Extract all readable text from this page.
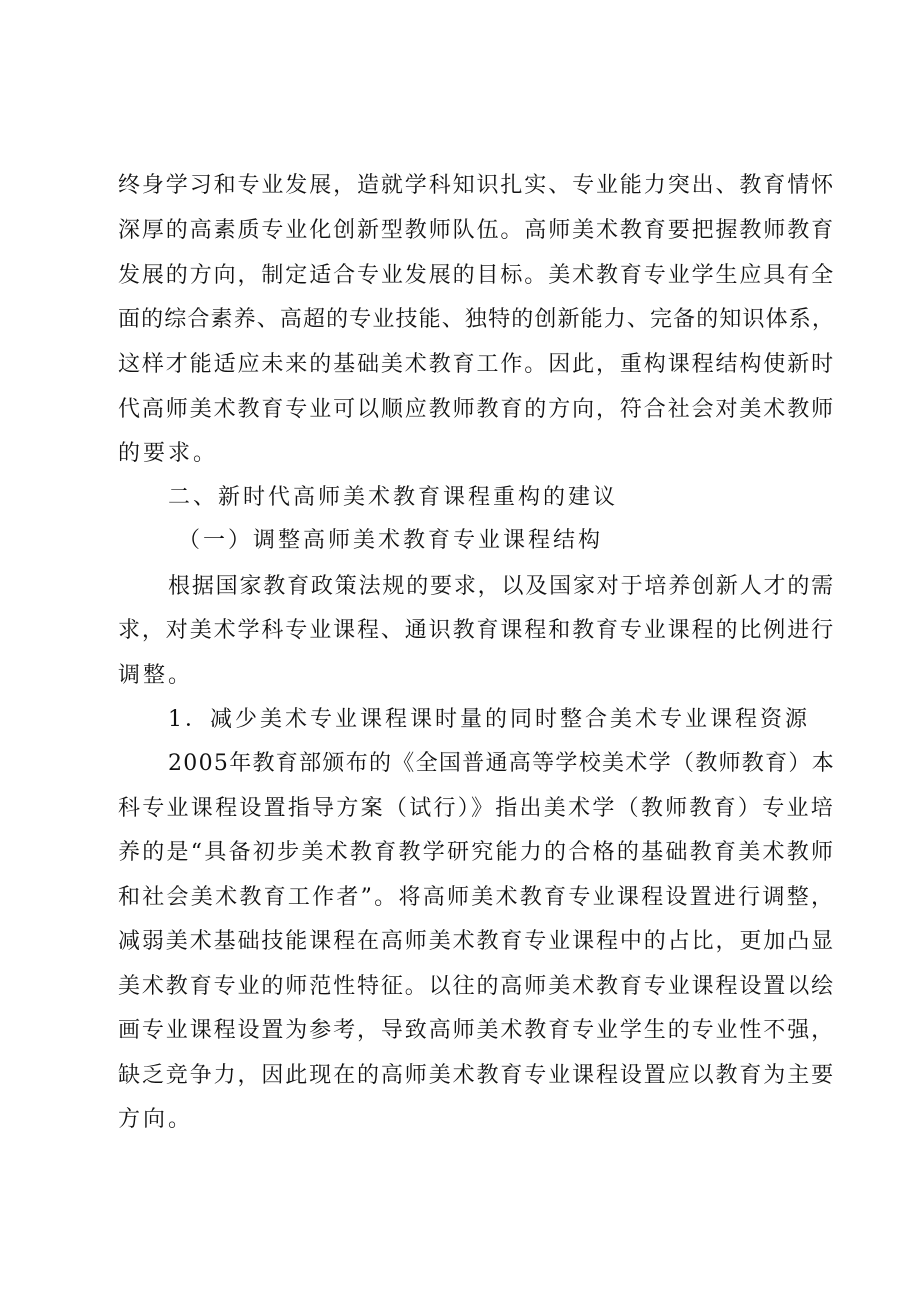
终身学习和专业发展，造就学科知识扎实、专业能力突出、教育情怀
深厚的高素质专业化创新型教师队伍。高师美术教育要把握教师教育
发展的方向，制定适合专业发展的目标。美术教育专业学生应具有全
面的综合素养、高超的专业技能、独特的创新能力、完备的知识体系，
这样才能适应未来的基础美术教育工作。因此，重构课程结构使新时
代高师美术教育专业可以顺应教师教育的方向，符合社会对美术教师
的要求。
二、新时代高师美术教育课程重构的建议
（一）调整高师美术教育专业课程结构
根据国家教育政策法规的要求，以及国家对于培养创新人才的需
求，对美术学科专业课程、通识教育课程和教育专业课程的比例进行
调整。
1．减少美术专业课程课时量的同时整合美术专业课程资源
2005年教育部颁布的《全国普通高等学校美术学（教师教育）本
科专业课程设置指导方案（试行）》指出美术学（教师教育）专业培
养的是“具备初步美术教育教学研究能力的合格的基础教育美术教师
和社会美术教育工作者”。将高师美术教育专业课程设置进行调整，
减弱美术基础技能课程在高师美术教育专业课程中的占比，更加凸显
美术教育专业的师范性特征。以往的高师美术教育专业课程设置以绘
画专业课程设置为参考，导致高师美术教育专业学生的专业性不强，
缺乏竞争力，因此现在的高师美术教育专业课程设置应以教育为主要
方向。
